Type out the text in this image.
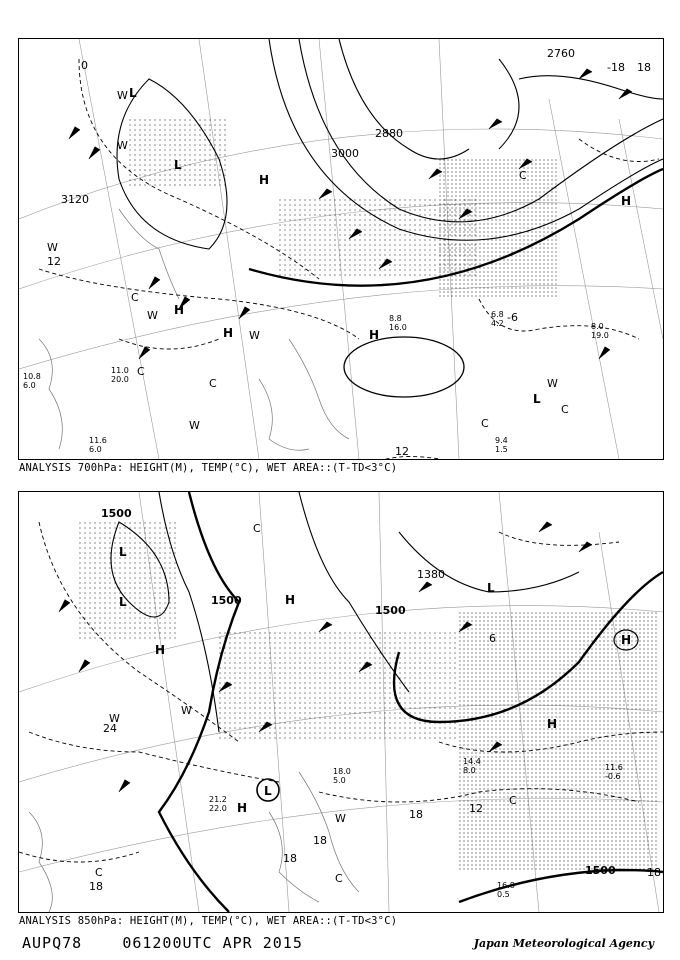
2760
2880
3000
3120
0
12
12
-18 18
-6
L
L
H
H
H
H	H
L
W
W
W
W
C
C
W
W
C
C
C
W
C
8.8
16.0
6.8
4.2	8.0
19.0
11.6
6.0
9.4
1.5
10.8
6.0
11.0
20.0
ANALYSIS 700hPa: HEIGHT(M), TEMP(°C), WET AREA::(T-TD<3°C)
1500
1500
1500
1500
1380
24
18
18
12
18
18
18
6
L
L
H
L
H
H
H
L
H
C
W
C
W
W
C
C
16.8
0.5
14.4
8.0	11.6
-0.6
21.2
22.0
18.0
5.0
ANALYSIS 850hPa: HEIGHT(M), TEMP(°C), WET AREA::(T-TD<3°C)
AUPQ78	061200UTC APR 2015	Japan Meteorological Agency
